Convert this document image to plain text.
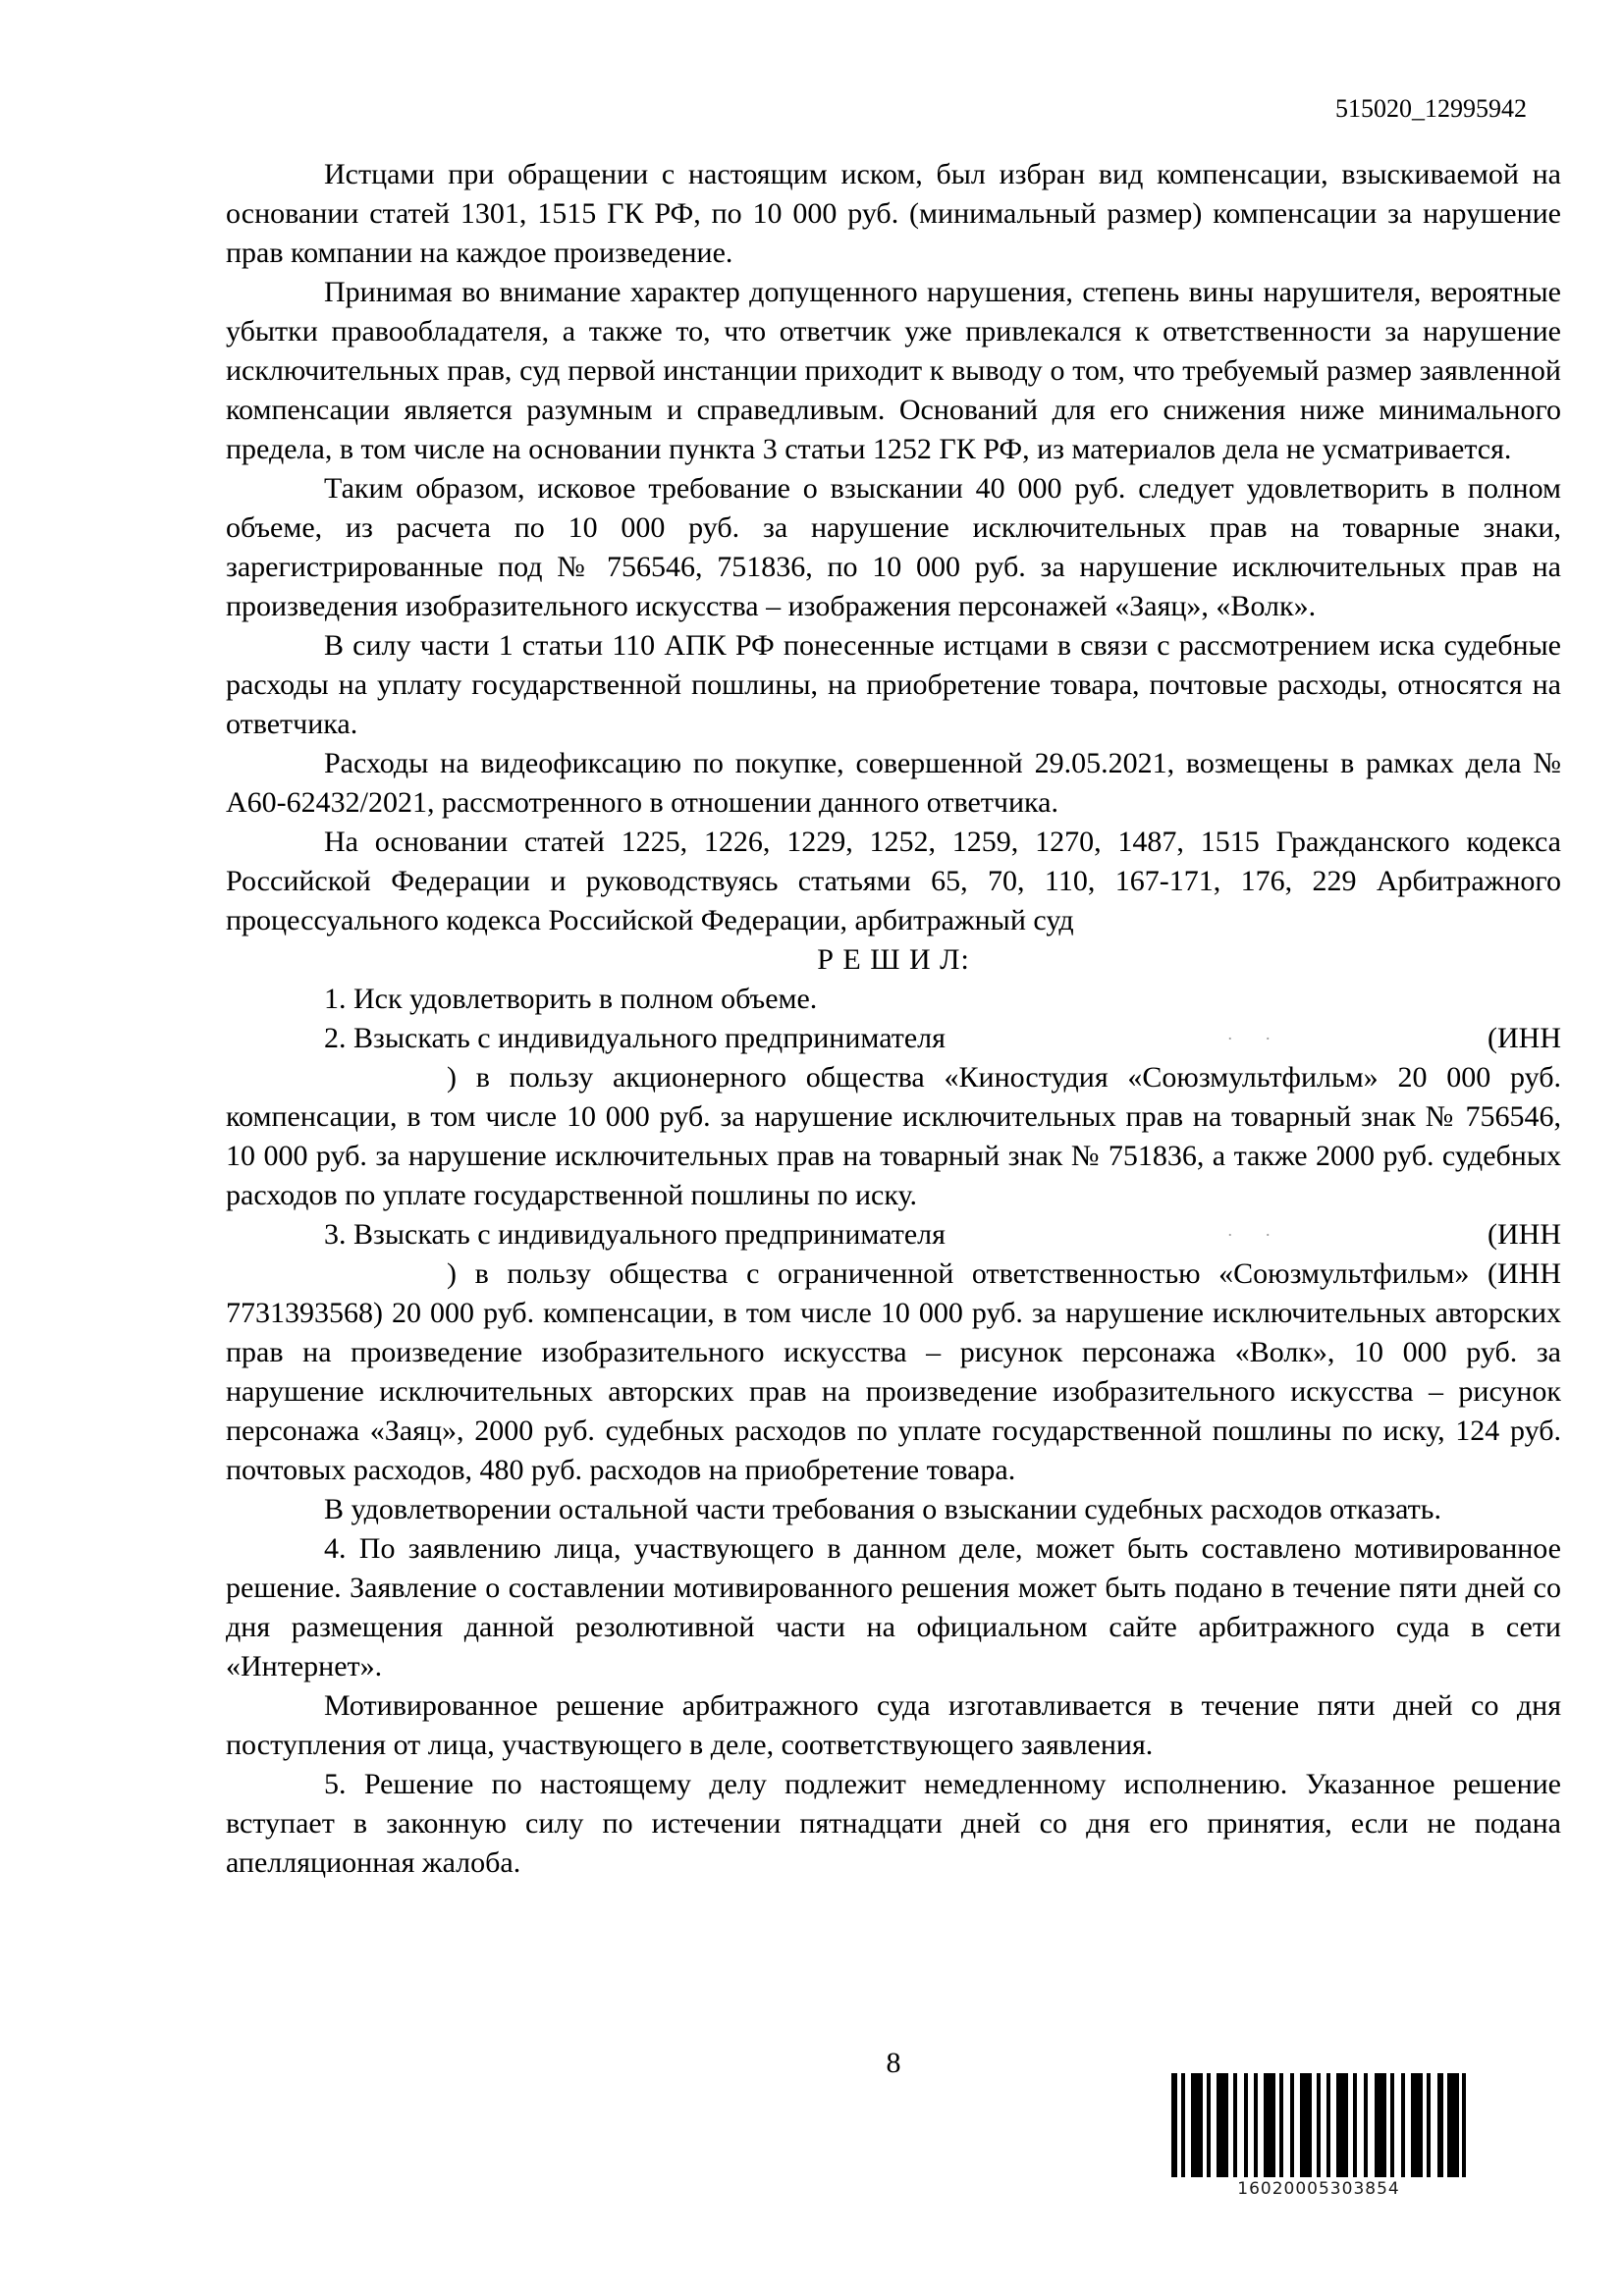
515020_12995942

Истцами при обращении с настоящим иском, был избран вид компенсации, взыскиваемой на основании статей 1301, 1515 ГК РФ, по 10 000 руб. (минимальный размер) компенсации за нарушение прав компании на каждое произведение.

Принимая во внимание характер допущенного нарушения, степень вины нарушителя, вероятные убытки правообладателя, а также то, что ответчик уже привлекался к ответственности за нарушение исключительных прав, суд первой инстанции приходит к выводу о том, что требуемый размер заявленной компенсации является разумным и справедливым. Оснований для его снижения ниже минимального предела, в том числе на основании пункта 3 статьи 1252 ГК РФ, из материалов дела не усматривается.

Таким образом, исковое требование о взыскании 40 000 руб. следует удовлетворить в полном объеме, из расчета по 10 000 руб. за нарушение исключительных прав на товарные знаки, зарегистрированные под № 756546, 751836, по 10 000 руб. за нарушение исключительных прав на произведения изобразительного искусства – изображения персонажей «Заяц», «Волк».

В силу части 1 статьи 110 АПК РФ понесенные истцами в связи с рассмотрением иска судебные расходы на уплату государственной пошлины, на приобретение товара, почтовые расходы, относятся на ответчика.

Расходы на видеофиксацию по покупке, совершенной 29.05.2021, возмещены в рамках дела № А60-62432/2021, рассмотренного в отношении данного ответчика.

На основании статей 1225, 1226, 1229, 1252, 1259, 1270, 1487, 1515 Гражданского кодекса Российской Федерации и руководствуясь статьями 65, 70, 110, 167-171, 176, 229 Арбитражного процессуального кодекса Российской Федерации, арбитражный суд

Р Е Ш И Л:

1. Иск удовлетворить в полном объеме.

2. Взыскать с индивидуального предпринимателя	· ·	(ИНН

) в пользу акционерного общества «Киностудия «Союзмультфильм» 20 000 руб. компенсации, в том числе 10 000 руб. за нарушение исключительных прав на товарный знак № 756546, 10 000 руб. за нарушение исключительных прав на товарный знак № 751836, а также 2000 руб. судебных расходов по уплате государственной пошлины по иску.

3. Взыскать с индивидуального предпринимателя	· ·	(ИНН

) в пользу общества с ограниченной ответственностью «Союзмультфильм» (ИНН 7731393568) 20 000 руб. компенсации, в том числе 10 000 руб. за нарушение исключительных авторских прав на произведение изобразительного искусства – рисунок персонажа «Волк», 10 000 руб. за нарушение исключительных авторских прав на произведение изобразительного искусства – рисунок персонажа «Заяц», 2000 руб. судебных расходов по уплате государственной пошлины по иску, 124 руб. почтовых расходов, 480 руб. расходов на приобретение товара.

В удовлетворении остальной части требования о взыскании судебных расходов отказать.

4. По заявлению лица, участвующего в данном деле, может быть составлено мотивированное решение. Заявление о составлении мотивированного решения может быть подано в течение пяти дней со дня размещения данной резолютивной части на официальном сайте арбитражного суда в сети «Интернет».

Мотивированное решение арбитражного суда изготавливается в течение пяти дней со дня поступления от лица, участвующего в деле, соответствующего заявления.

5. Решение по настоящему делу подлежит немедленному исполнению. Указанное решение вступает в законную силу по истечении пятнадцати дней со дня его принятия, если не подана апелляционная жалоба.

8
16020005303854
